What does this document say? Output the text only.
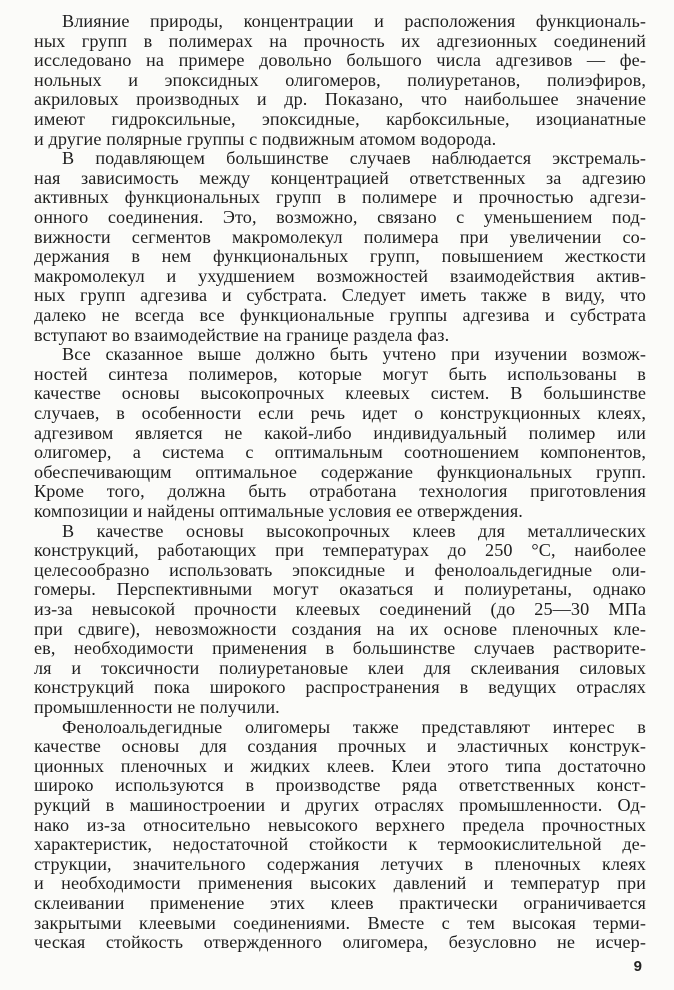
Влияние природы, концентрации и расположения функциональ-
ных групп в полимерах на прочность их адгезионных соединений
исследовано на примере довольно большого числа адгезивов — фе-
нольных и эпоксидных олигомеров, полиуретанов, полиэфиров,
акриловых производных и др. Показано, что наибольшее значение
имеют гидроксильные, эпоксидные, карбоксильные, изоцианатные
и другие полярные группы с подвижным атомом водорода.
В подавляющем большинстве случаев наблюдается экстремаль-
ная зависимость между концентрацией ответственных за адгезию
активных функциональных групп в полимере и прочностью адгези-
онного соединения. Это, возможно, связано с уменьшением под-
вижности сегментов макромолекул полимера при увеличении со-
держания в нем функциональных групп, повышением жесткости
макромолекул и ухудшением возможностей взаимодействия актив-
ных групп адгезива и субстрата. Следует иметь также в виду, что
далеко не всегда все функциональные группы адгезива и субстрата
вступают во взаимодействие на границе раздела фаз.
Все сказанное выше должно быть учтено при изучении возмож-
ностей синтеза полимеров, которые могут быть использованы в
качестве основы высокопрочных клеевых систем. В большинстве
случаев, в особенности если речь идет о конструкционных клеях,
адгезивом является не какой-либо индивидуальный полимер или
олигомер, а система с оптимальным соотношением компонентов,
обеспечивающим оптимальное содержание функциональных групп.
Кроме того, должна быть отработана технология приготовления
композиции и найдены оптимальные условия ее отверждения.
В качестве основы высокопрочных клеев для металлических
конструкций, работающих при температурах до 250 °С, наиболее
целесообразно использовать эпоксидные и фенолоальдегидные оли-
гомеры. Перспективными могут оказаться и полиуретаны, однако
из-за невысокой прочности клеевых соединений (до 25—30 МПа
при сдвиге), невозможности создания на их основе пленочных кле-
ев, необходимости применения в большинстве случаев растворите-
ля и токсичности полиуретановые клеи для склеивания силовых
конструкций пока широкого распространения в ведущих отраслях
промышленности не получили.
Фенолоальдегидные олигомеры также представляют интерес в
качестве основы для создания прочных и эластичных конструк-
ционных пленочных и жидких клеев. Клеи этого типа достаточно
широко используются в производстве ряда ответственных конст-
рукций в машиностроении и других отраслях промышленности. Од-
нако из-за относительно невысокого верхнего предела прочностных
характеристик, недостаточной стойкости к термоокислительной де-
струкции, значительного содержания летучих в пленочных клеях
и необходимости применения высоких давлений и температур при
склеивании применение этих клеев практически ограничивается
закрытыми клеевыми соединениями. Вместе с тем высокая терми-
ческая стойкость отвержденного олигомера, безусловно не исчер-
9
